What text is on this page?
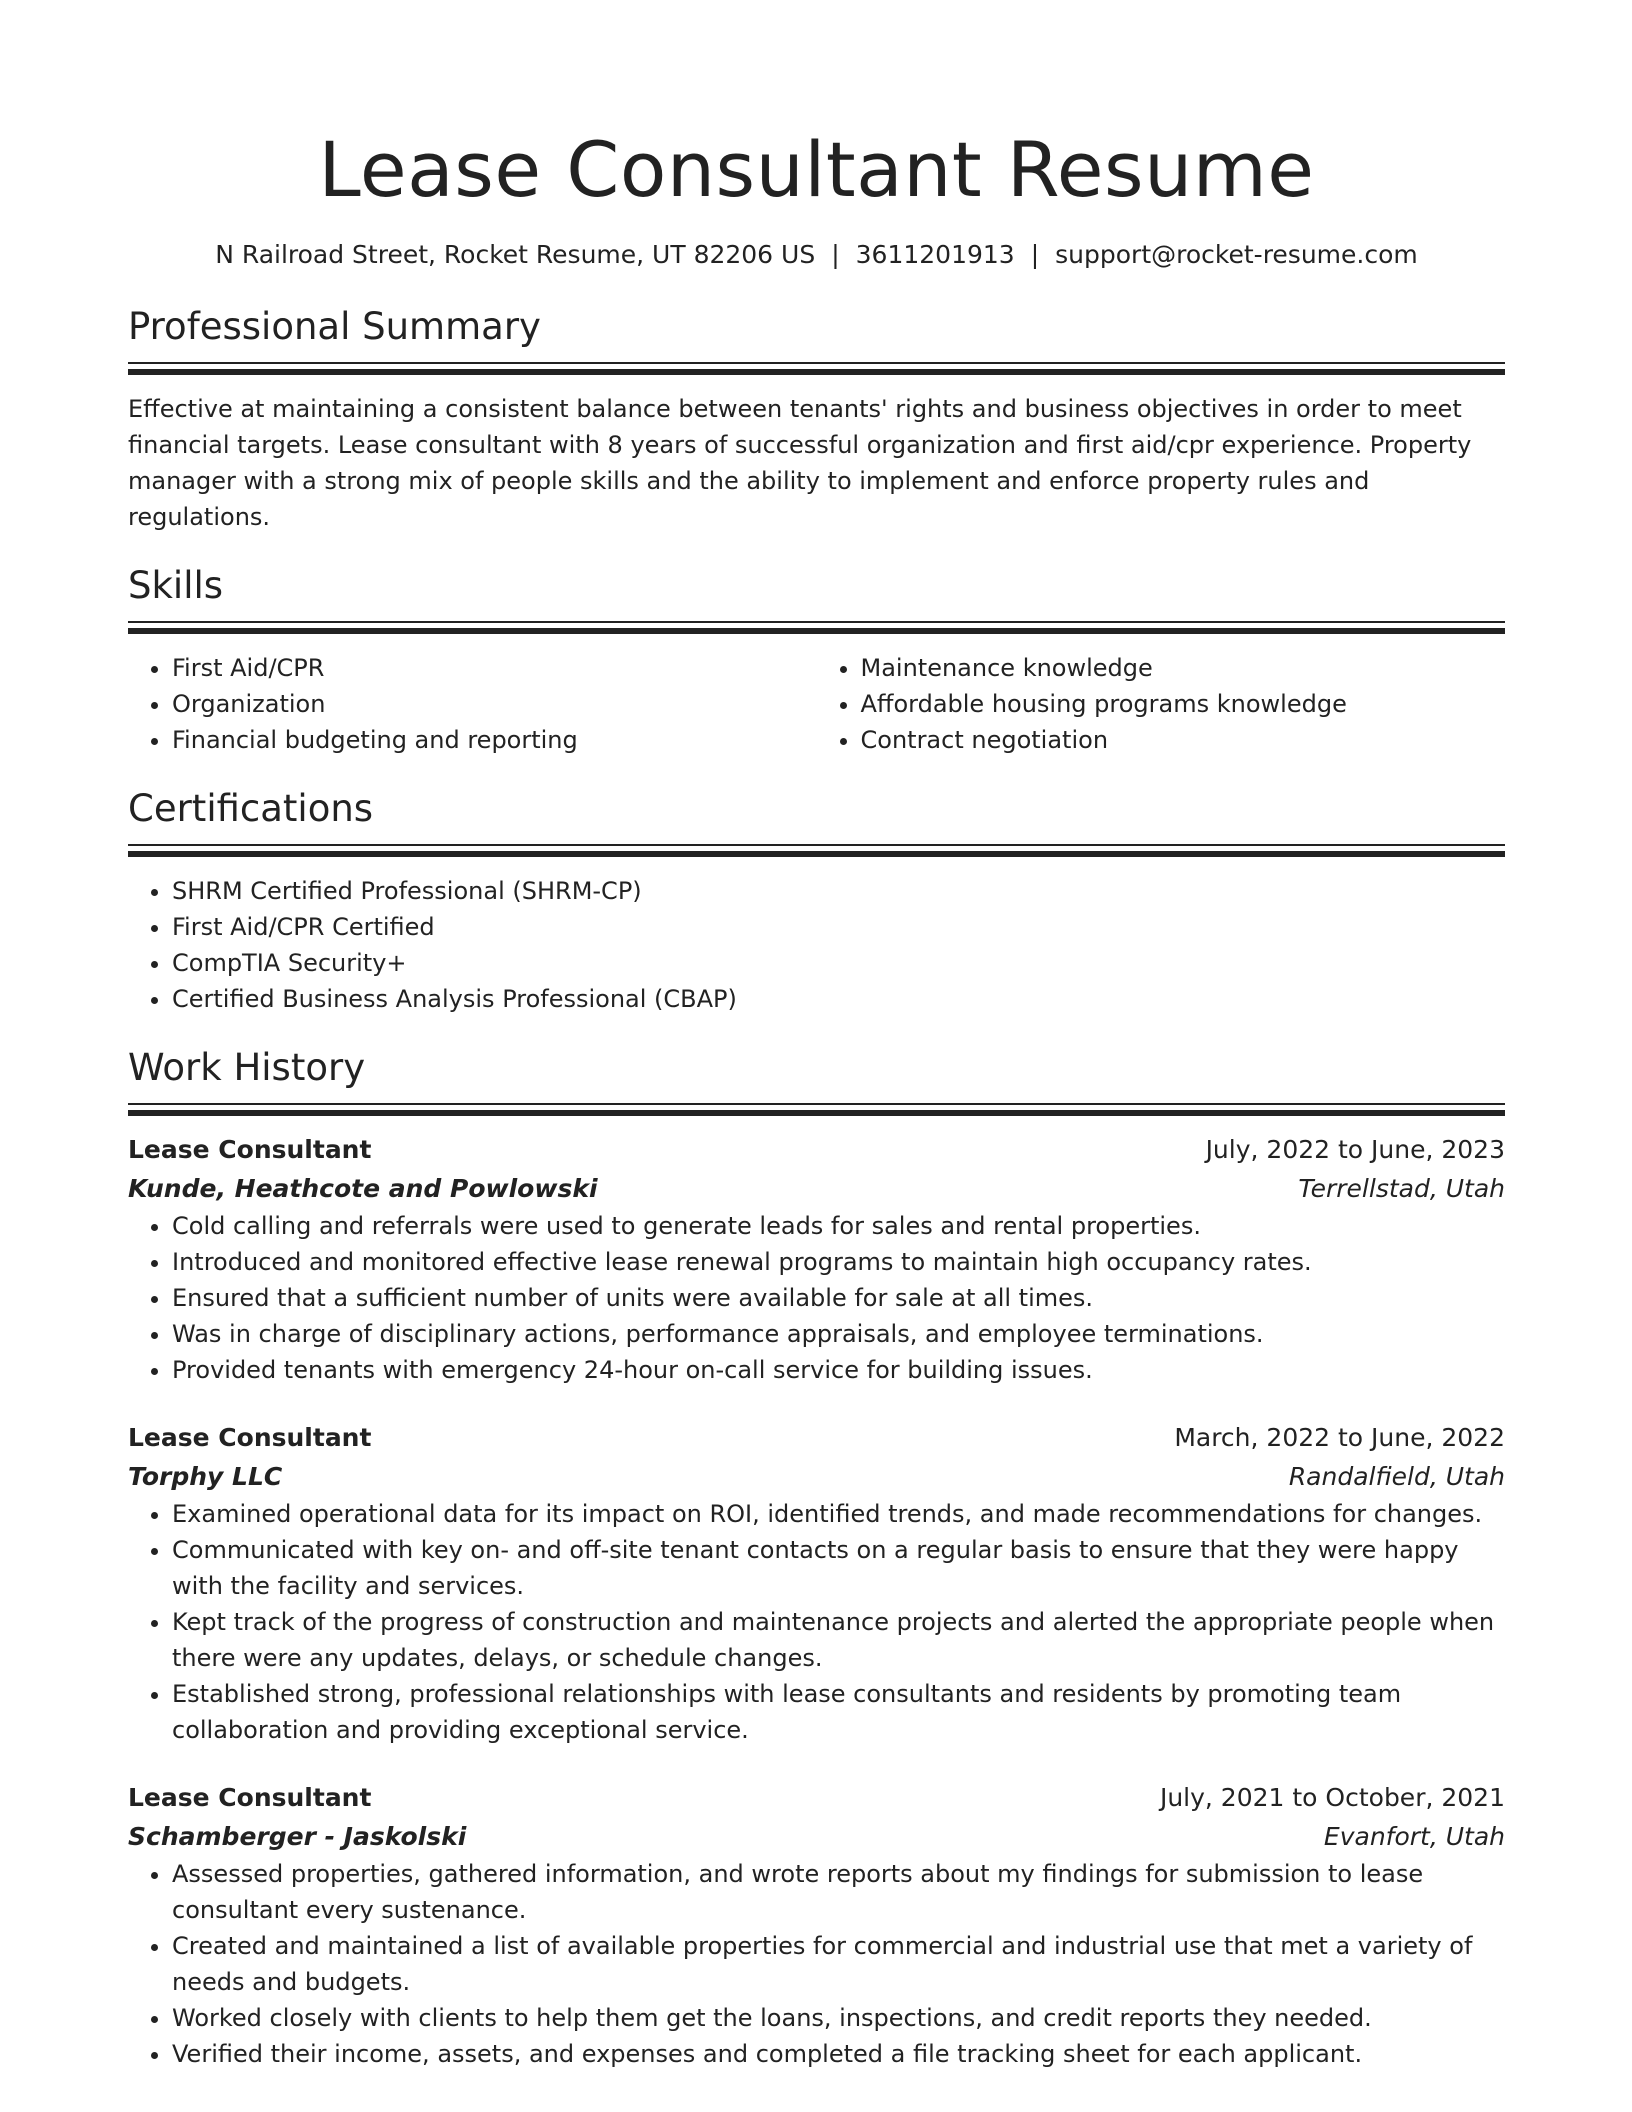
Lease Consultant Resume
N Railroad Street, Rocket Resume, UT 82206 US | 3611201913 | support@rocket-resume.com
Professional Summary

Effective at maintaining a consistent balance between tenants' rights and business objectives in order to meet financial targets. Lease consultant with 8 years of successful organization and first aid/cpr experience. Property manager with a strong mix of people skills and the ability to implement and enforce property rules and regulations.

Skills
• First Aid/CPR
• Organization
• Financial budgeting and reporting
• Maintenance knowledge
• Affordable housing programs knowledge
• Contract negotiation
Certifications
• SHRM Certified Professional (SHRM-CP)
• First Aid/CPR Certified
• CompTIA Security+
• Certified Business Analysis Professional (CBAP)
Work History
Lease Consultant	July, 2022 to June, 2023
Kunde, Heathcote and Powlowski	Terrellstad, Utah
• Cold calling and referrals were used to generate leads for sales and rental properties.
• Introduced and monitored effective lease renewal programs to maintain high occupancy rates.
• Ensured that a sufficient number of units were available for sale at all times.
• Was in charge of disciplinary actions, performance appraisals, and employee terminations.
• Provided tenants with emergency 24-hour on-call service for building issues.
Lease Consultant	March, 2022 to June, 2022
Torphy LLC	Randalfield, Utah
• Examined operational data for its impact on ROI, identified trends, and made recommendations for changes.
• Communicated with key on- and off-site tenant contacts on a regular basis to ensure that they were happy with the facility and services.
• Kept track of the progress of construction and maintenance projects and alerted the appropriate people when there were any updates, delays, or schedule changes.
• Established strong, professional relationships with lease consultants and residents by promoting team collaboration and providing exceptional service.
Lease Consultant	July, 2021 to October, 2021
Schamberger - Jaskolski	Evanfort, Utah
• Assessed properties, gathered information, and wrote reports about my findings for submission to lease consultant every sustenance.
• Created and maintained a list of available properties for commercial and industrial use that met a variety of needs and budgets.
• Worked closely with clients to help them get the loans, inspections, and credit reports they needed.
• Verified their income, assets, and expenses and completed a file tracking sheet for each applicant.
